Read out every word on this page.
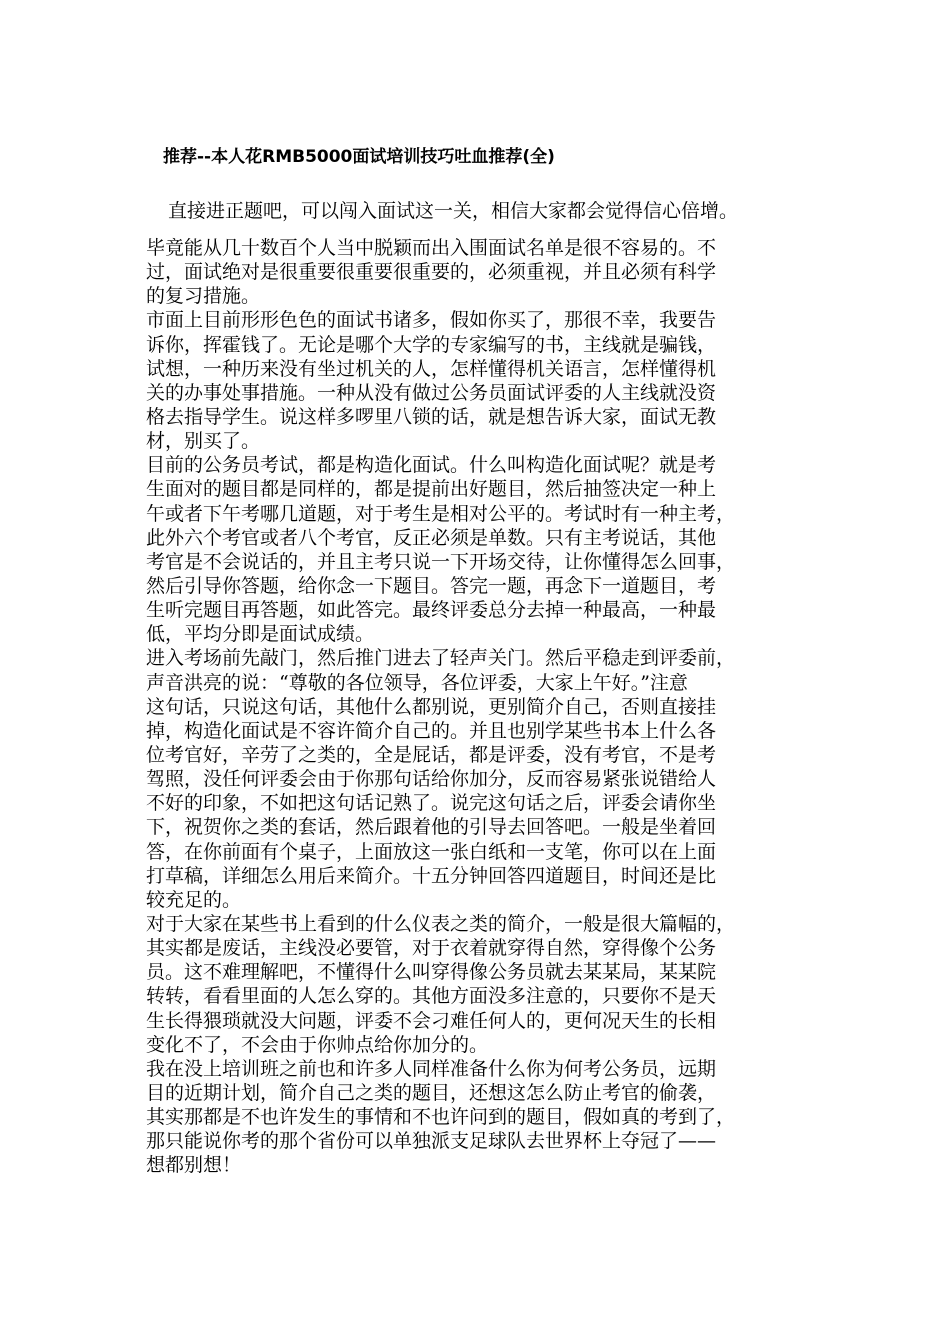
推荐--本人花RMB5000面试培训技巧吐血推荐(全)

直接进正题吧，可以闯入面试这一关，相信大家都会觉得信心倍增。

毕竟能从几十数百个人当中脱颖而出入围面试名单是很不容易的。不
过，面试绝对是很重要很重要很重要的，必须重视，并且必须有科学
的复习措施。
市面上目前形形色色的面试书诸多，假如你买了，那很不幸，我要告
诉你，挥霍钱了。无论是哪个大学的专家编写的书，主线就是骗钱，
试想，一种历来没有坐过机关的人，怎样懂得机关语言，怎样懂得机
关的办事处事措施。一种从没有做过公务员面试评委的人主线就没资
格去指导学生。说这样多啰里八锁的话，就是想告诉大家，面试无教
材，别买了。
目前的公务员考试，都是构造化面试。什么叫构造化面试呢？就是考
生面对的题目都是同样的，都是提前出好题目，然后抽签决定一种上
午或者下午考哪几道题，对于考生是相对公平的。考试时有一种主考，
此外六个考官或者八个考官，反正必须是单数。只有主考说话，其他
考官是不会说话的，并且主考只说一下开场交待，让你懂得怎么回事，
然后引导你答题，给你念一下题目。答完一题，再念下一道题目，考
生听完题目再答题，如此答完。最终评委总分去掉一种最高，一种最
低，平均分即是面试成绩。
进入考场前先敲门，然后推门进去了轻声关门。然后平稳走到评委前，
声音洪亮的说：“尊敬的各位领导，各位评委，大家上午好。”注意
这句话，只说这句话，其他什么都别说，更别简介自己，否则直接挂
掉，构造化面试是不容许简介自己的。并且也别学某些书本上什么各
位考官好，辛劳了之类的，全是屁话，都是评委，没有考官，不是考
驾照，没任何评委会由于你那句话给你加分，反而容易紧张说错给人
不好的印象，不如把这句话记熟了。说完这句话之后，评委会请你坐
下，祝贺你之类的套话，然后跟着他的引导去回答吧。一般是坐着回
答，在你前面有个桌子，上面放这一张白纸和一支笔，你可以在上面
打草稿，详细怎么用后来简介。十五分钟回答四道题目，时间还是比
较充足的。
对于大家在某些书上看到的什么仪表之类的简介，一般是很大篇幅的，
其实都是废话，主线没必要管，对于衣着就穿得自然，穿得像个公务
员。这不难理解吧，不懂得什么叫穿得像公务员就去某某局，某某院
转转，看看里面的人怎么穿的。其他方面没多注意的，只要你不是天
生长得猥琐就没大问题，评委不会刁难任何人的，更何况天生的长相
变化不了，不会由于你帅点给你加分的。
我在没上培训班之前也和许多人同样准备什么你为何考公务员，远期
目的近期计划，简介自己之类的题目，还想这怎么防止考官的偷袭，
其实那都是不也许发生的事情和不也许问到的题目，假如真的考到了，
那只能说你考的那个省份可以单独派支足球队去世界杯上夺冠了——
想都别想！
